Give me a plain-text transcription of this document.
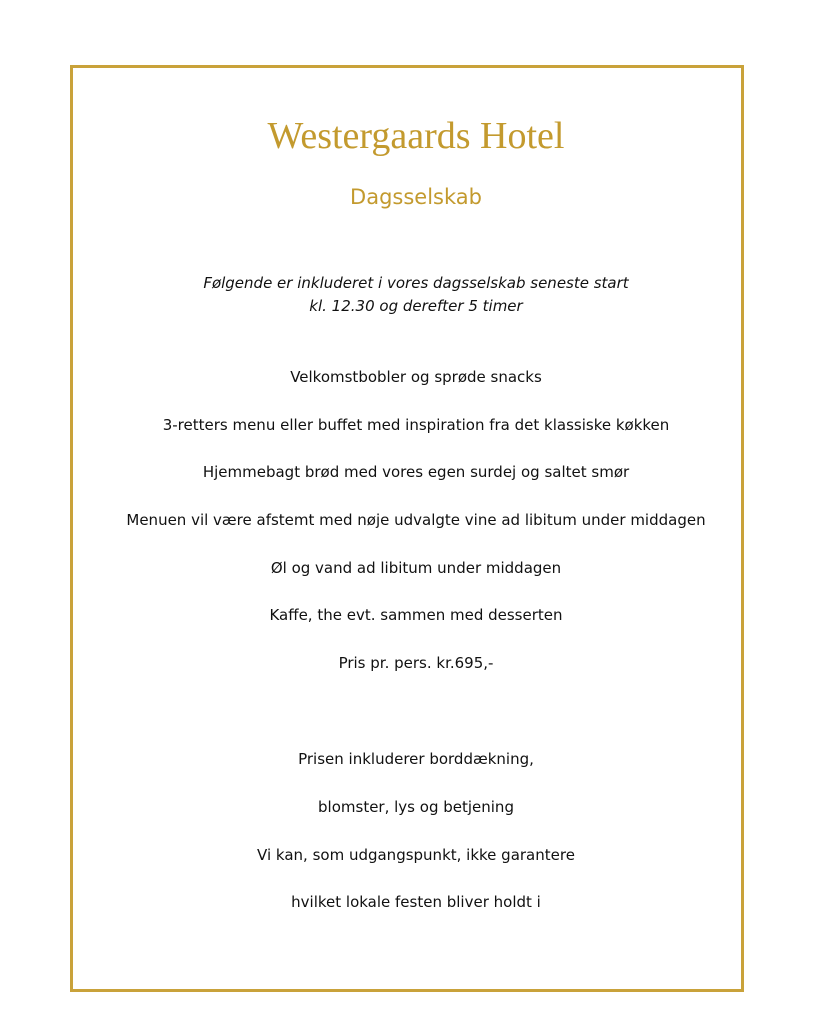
Westergaards Hotel
Dagsselskab
Følgende er inkluderet i vores dagsselskab seneste start
kl. 12.30 og derefter 5 timer

Velkomstbobler og sprøde snacks

3-retters menu eller buffet med inspiration fra det klassiske køkken

Hjemmebagt brød med vores egen surdej og saltet smør

Menuen vil være afstemt med nøje udvalgte vine ad libitum under middagen

Øl og vand ad libitum under middagen

Kaffe, the evt. sammen med desserten

Pris pr. pers. kr.695,-

Prisen inkluderer borddækning,

blomster, lys og betjening

Vi kan, som udgangspunkt, ikke garantere

hvilket lokale festen bliver holdt i
